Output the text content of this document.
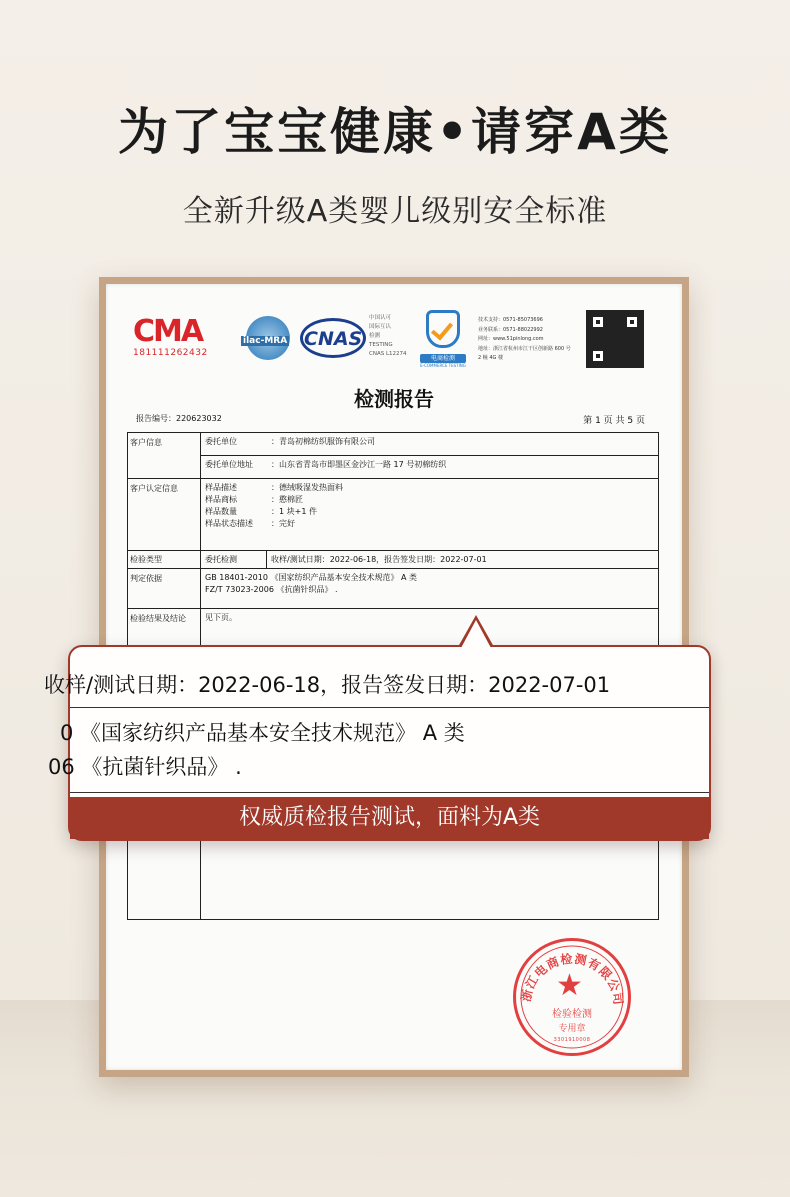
为了宝宝健康•请穿A类
全新升级A类婴儿级别安全标准
CMA
181111262432
ilac-MRA CNAS
中国认可
国际互认
检测
TESTING
CNAS L12274
电商检测
E-COMMERCE TESTING
技术支持：0571-85073696
业务联系：0571-88022992
网址：www.51pinlong.com
地址：浙江省杭州市江干区创新路 600 号
2 幢 4G 楼
检测报告
报告编号：220623032	第 1 页 共 5 页
客户信息	委托单位	：青岛初棉纺织服饰有限公司
委托单位地址	：山东省青岛市即墨区金沙江一路 17 号初棉纺织
客户认定信息	样品描述	：德绒吸湿发热面料
样品商标	：憨棉匠
样品数量	：1 块+1 件
样品状态描述	：完好
检验类型	委托检测	收样/测试日期：2022-06-18，报告签发日期：2022-07-01
判定依据	GB 18401-2010 《国家纺织产品基本安全技术规范》 A 类
FZ/T 73023-2006 《抗菌针织品》 .
检验结果及结论	见下页。
收样/测试日期：2022-06-18，报告签发日期：2022-07-01
0 《国家纺织产品基本安全技术规范》 A 类
06 《抗菌针织品》 .
权威质检报告测试，面料为A类
浙江电商检测有限公司
★
检验检测
专用章
3301910008
